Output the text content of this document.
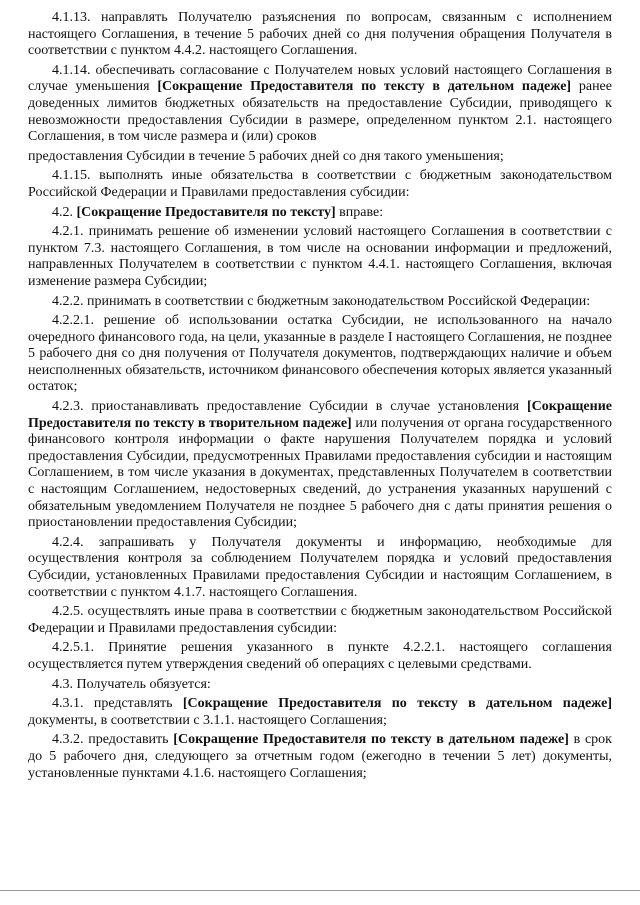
4.1.13. направлять Получателю разъяснения по вопросам, связанным с исполнением настоящего Соглашения, в течение 5 рабочих дней со дня получения обращения Получателя в соответствии с пунктом 4.4.2. настоящего Соглашения.

4.1.14. обеспечивать согласование с Получателем новых условий настоящего Соглашения в случае уменьшения [Сокращение Предоставителя по тексту в дательном падеже] ранее доведенных лимитов бюджетных обязательств на предоставление Субсидии, приводящего к невозможности предоставления Субсидии в размере, определенном пунктом 2.1. настоящего Соглашения, в том числе размера и (или) сроков

предоставления Субсидии в течение 5 рабочих дней со дня такого уменьшения;

4.1.15. выполнять иные обязательства в соответствии с бюджетным законодательством Российской Федерации и Правилами предоставления субсидии:

4.2. [Сокращение Предоставителя по тексту] вправе:

4.2.1. принимать решение об изменении условий настоящего Соглашения в соответствии с пунктом 7.3. настоящего Соглашения, в том числе на основании информации и предложений, направленных Получателем в соответствии с пунктом 4.4.1. настоящего Соглашения, включая изменение размера Субсидии;

4.2.2. принимать в соответствии с бюджетным законодательством Российской Федерации:

4.2.2.1. решение об использовании остатка Субсидии, не использованного на начало очередного финансового года, на цели, указанные в разделе I настоящего Соглашения, не позднее 5 рабочего дня со дня получения от Получателя документов, подтверждающих наличие и объем неисполненных обязательств, источником финансового обеспечения которых является указанный остаток;

4.2.3. приостанавливать предоставление Субсидии в случае установления [Сокращение Предоставителя по тексту в творительном падеже] или получения от органа государственного финансового контроля информации о факте нарушения Получателем порядка и условий предоставления Субсидии, предусмотренных Правилами предоставления субсидии и настоящим Соглашением, в том числе указания в документах, представленных Получателем в соответствии с настоящим Соглашением, недостоверных сведений, до устранения указанных нарушений с обязательным уведомлением Получателя не позднее 5 рабочего дня с даты принятия решения о приостановлении предоставления Субсидии;

4.2.4. запрашивать у Получателя документы и информацию, необходимые для осуществления контроля за соблюдением Получателем порядка и условий предоставления Субсидии, установленных Правилами предоставления Субсидии и настоящим Соглашением, в соответствии с пунктом 4.1.7. настоящего Соглашения.

4.2.5. осуществлять иные права в соответствии с бюджетным законодательством Российской Федерации и Правилами предоставления субсидии:

4.2.5.1. Принятие решения указанного в пункте 4.2.2.1. настоящего соглашения осуществляется путем утверждения сведений об операциях с целевыми средствами.

4.3. Получатель обязуется:

4.3.1. представлять [Сокращение Предоставителя по тексту в дательном падеже] документы, в соответствии с 3.1.1. настоящего Соглашения;

4.3.2. предоставить [Сокращение Предоставителя по тексту в дательном падеже] в срок до 5 рабочего дня, следующего за отчетным годом (ежегодно в течении 5 лет) документы, установленные пунктами 4.1.6. настоящего Соглашения;
